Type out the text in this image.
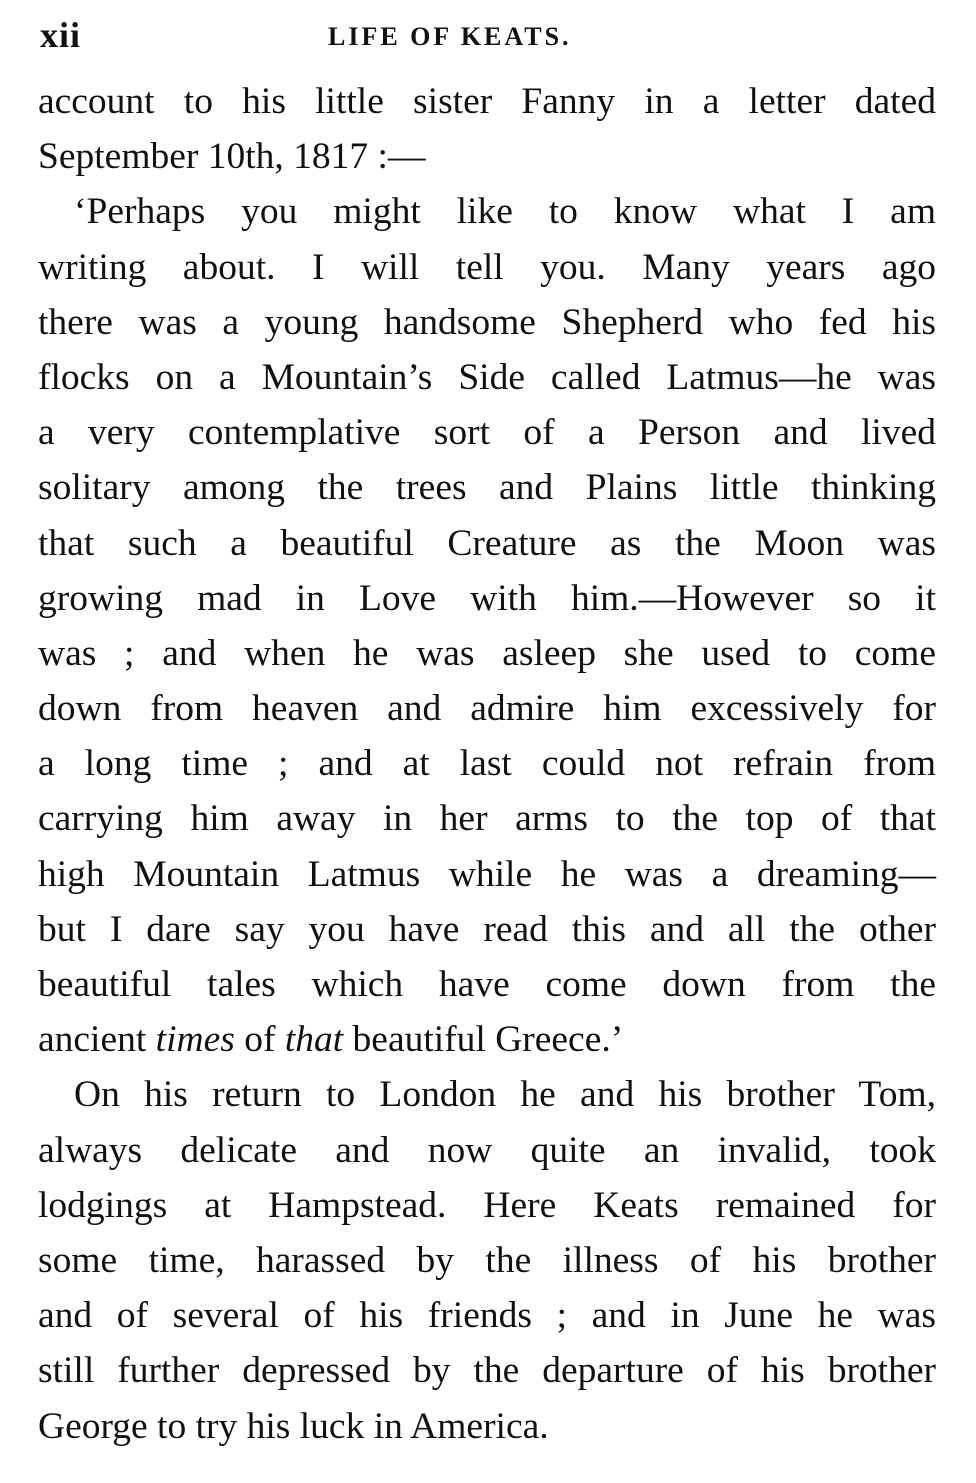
xii	LIFE OF KEATS.
account to his little sister Fanny in a letter dated
September 10th, 1817 :—
‘Perhaps you might like to know what I am
writing about. I will tell you. Many years ago
there was a young handsome Shepherd who fed his
flocks on a Mountain’s Side called Latmus—he was
a very contemplative sort of a Person and lived
solitary among the trees and Plains little thinking
that such a beautiful Creature as the Moon was
growing mad in Love with him.—However so it
was ; and when he was asleep she used to come
down from heaven and admire him excessively for
a long time ; and at last could not refrain from
carrying him away in her arms to the top of that
high Mountain Latmus while he was a dreaming—
but I dare say you have read this and all the other
beautiful tales which have come down from the
ancient times of that beautiful Greece.’
On his return to London he and his brother Tom,
always delicate and now quite an invalid, took
lodgings at Hampstead. Here Keats remained for
some time, harassed by the illness of his brother
and of several of his friends ; and in June he was
still further depressed by the departure of his brother
George to try his luck in America.
